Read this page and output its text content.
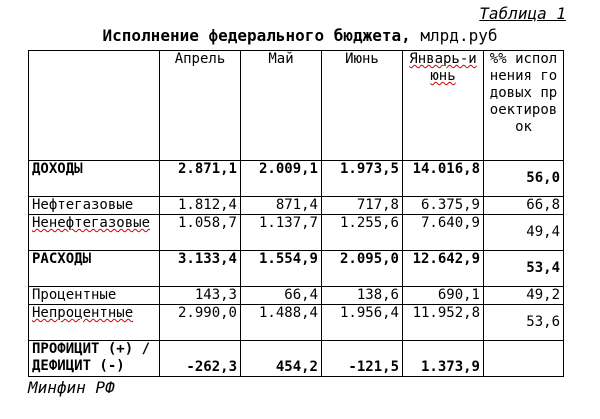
Таблица 1
Исполнение федерального бюджета, млрд.руб
	Апрель	Май	Июнь	Январь-июнь	%% исполнения годовых проектировок
ДОХОДЫ	2.871,1	2.009,1	1.973,5	14.016,8	56,0
Нефтегазовые	1.812,4	871,4	717,8	6.375,9	66,8
Ненефтегазовые	1.058,7	1.137,7	1.255,6	7.640,9	49,4
РАСХОДЫ	3.133,4	1.554,9	2.095,0	12.642,9	53,4
Процентные	143,3	66,4	138,6	690,1	49,2
Непроцентные	2.990,0	1.488,4	1.956,4	11.952,8	53,6
ПРОФИЦИТ (+) /ДЕФИЦИТ (-)	-262,3	454,2	-121,5	1.373,9	
Минфин РФ
